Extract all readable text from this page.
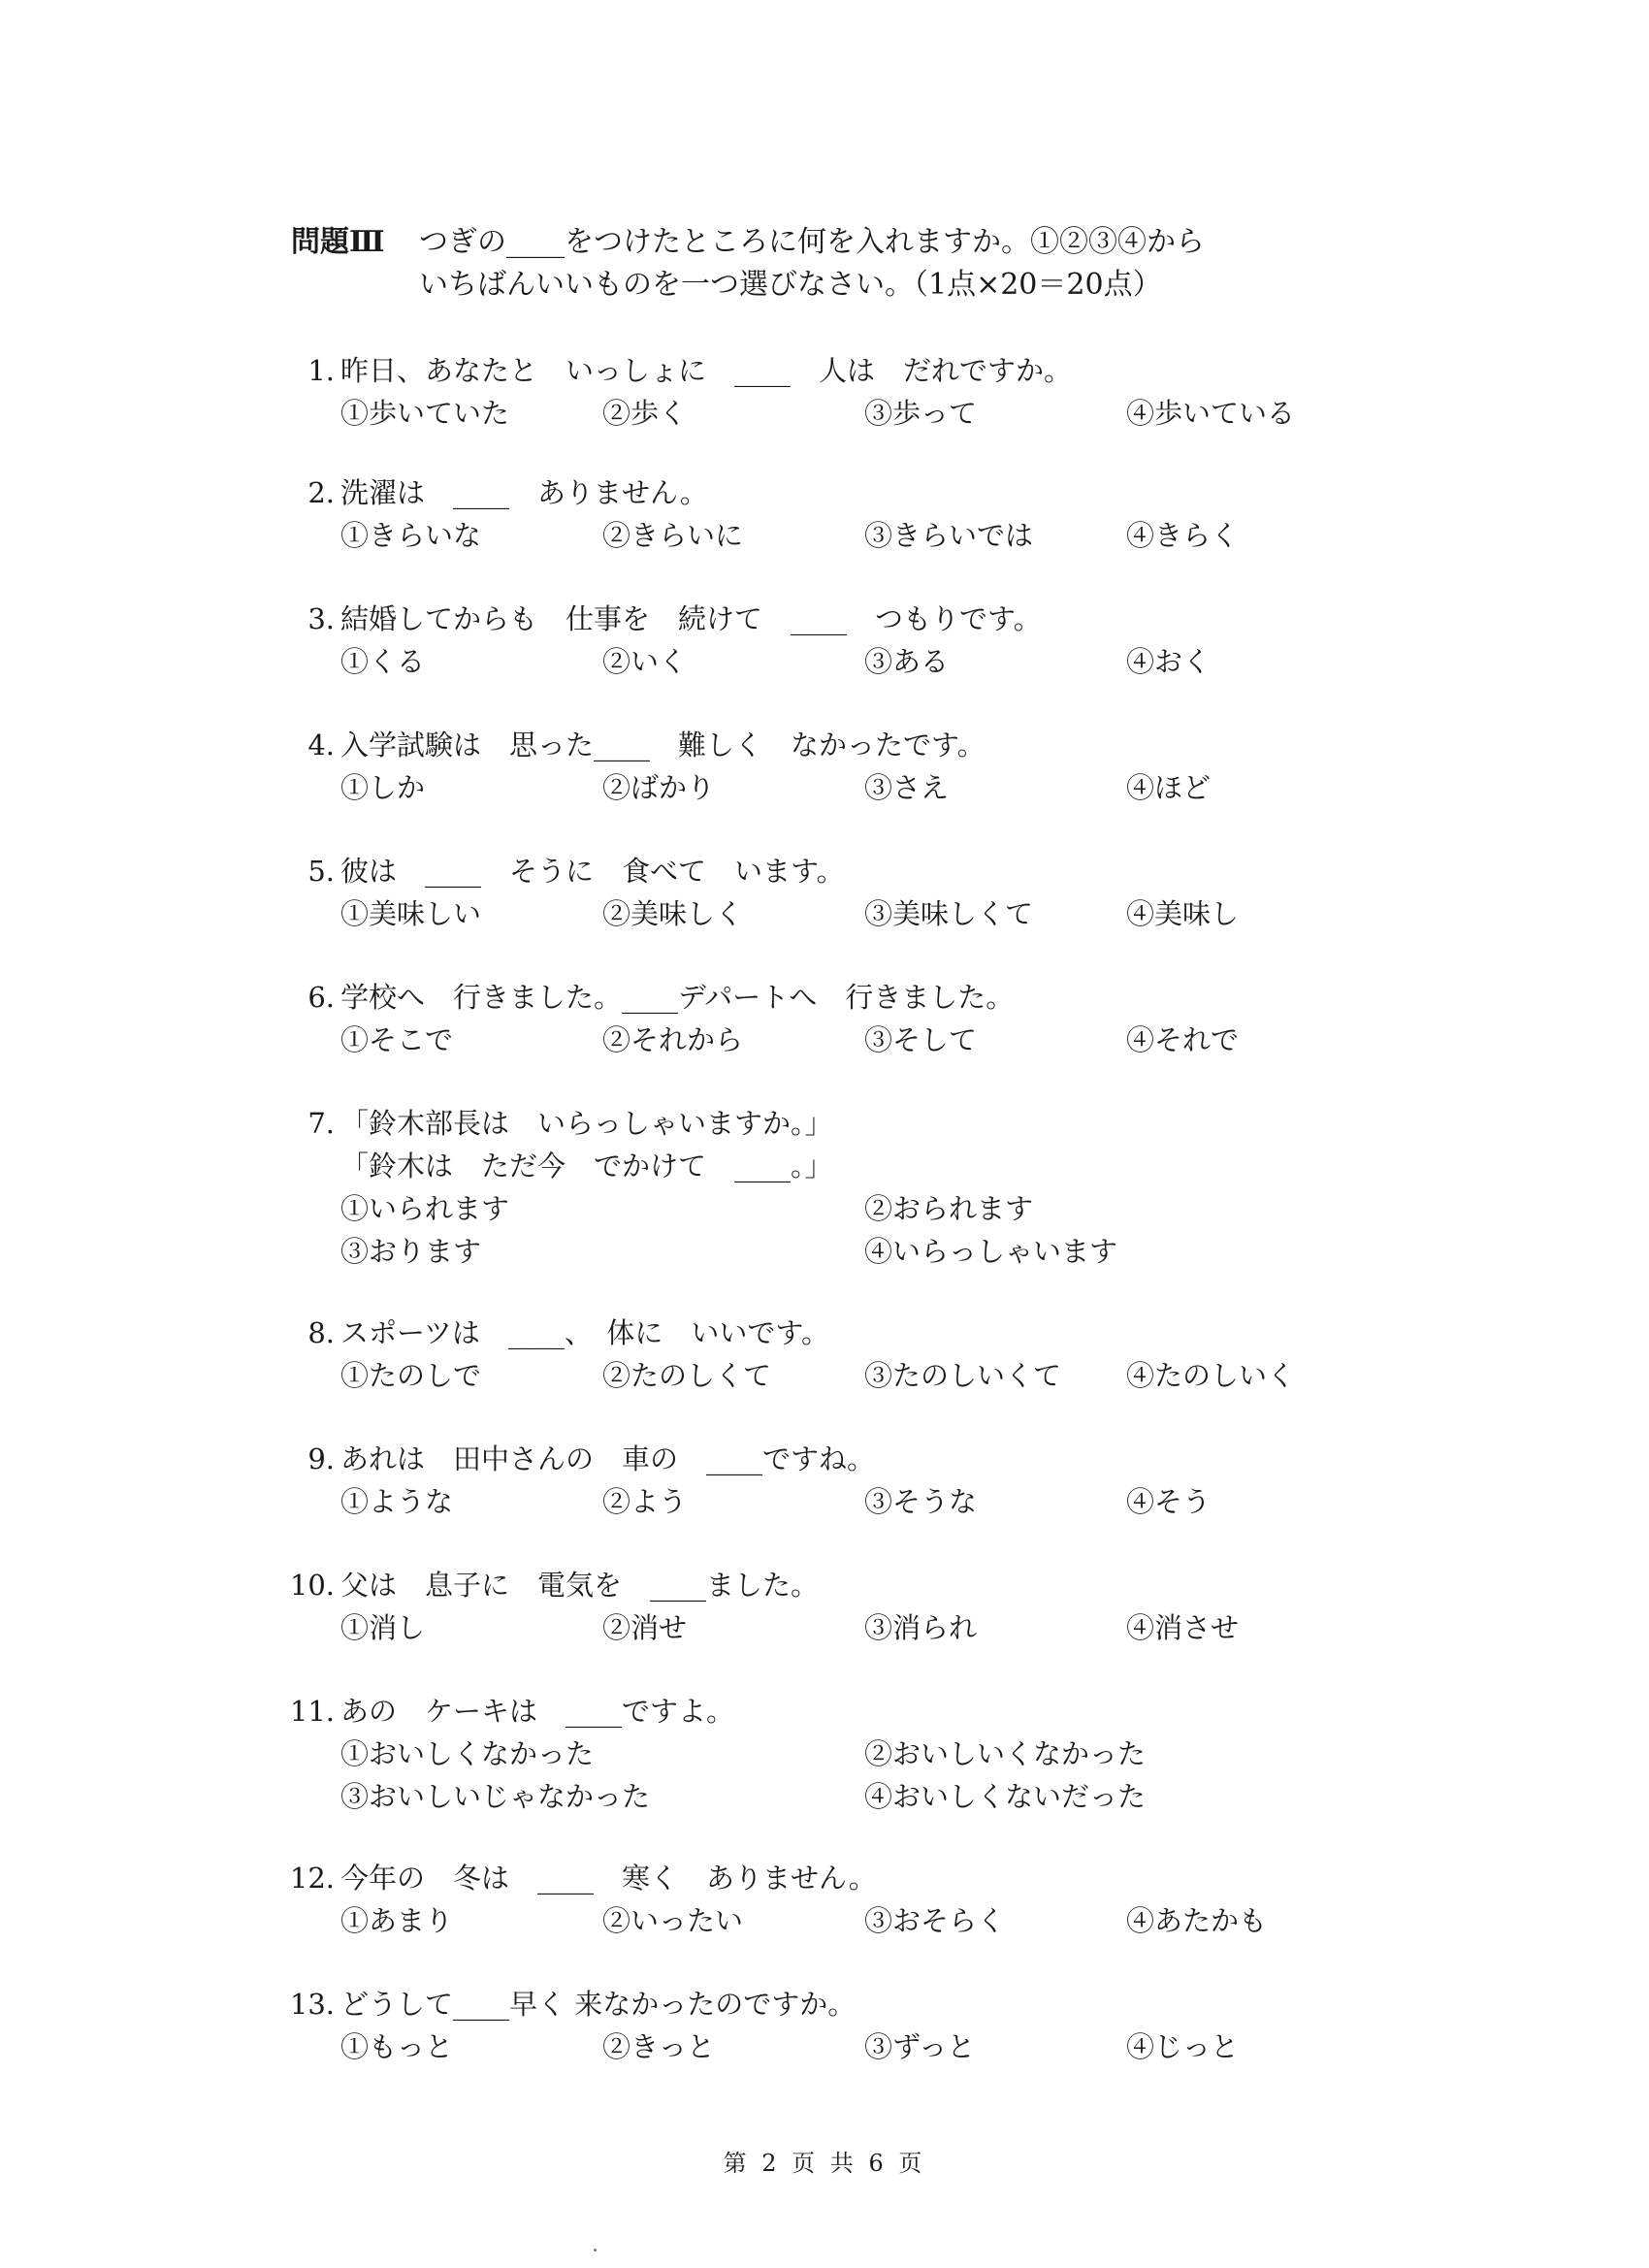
問題Ⅲ つぎの____をつけたところに何を入れますか。①②③④から
いちばんいいものを一つ選びなさい。（1点×20＝20点）
1. 昨日、あなたと　いっしょに　____　人は　だれですか。
①歩いていた	②歩く	③歩って	④歩いている
2. 洗濯は　____　ありません。
①きらいな	②きらいに	③きらいでは	④きらく
3. 結婚してからも　仕事を　続けて　____　つもりです。
①くる	②いく	③ある	④おく
4. 入学試験は　思った____　難しく　なかったです。
①しか	②ばかり	③さえ	④ほど
5. 彼は　____　そうに　食べて　います。
①美味しい	②美味しく	③美味しくて	④美味し
6. 学校へ　行きました。____デパートへ　行きました。
①そこで	②それから	③そして	④それで
7. 「鈴木部長は　いらっしゃいますか。」
「鈴木は　ただ今　でかけて　____。」
①いられます	②おられます
③おります	④いらっしゃいます
8. スポーツは　____、　体に　いいです。
①たのしで	②たのしくて	③たのしいくて ④たのしいく
9. あれは　田中さんの　車の　____ですね。
①ような	②よう	③そうな	④そう
10. 父は　息子に　電気を　____ました。
①消し	②消せ	③消られ	④消させ
11. あの　ケーキは　____ですよ。
①おいしくなかった	②おいしいくなかった
③おいしいじゃなかった	④おいしくないだった
12. 今年の　冬は　____　寒く　ありません。
①あまり	②いったい	③おそらく	④あたかも
13. どうして____早く 来なかったのですか。
①もっと	②きっと	③ずっと	④じっと
第 2 页 共 6 页
